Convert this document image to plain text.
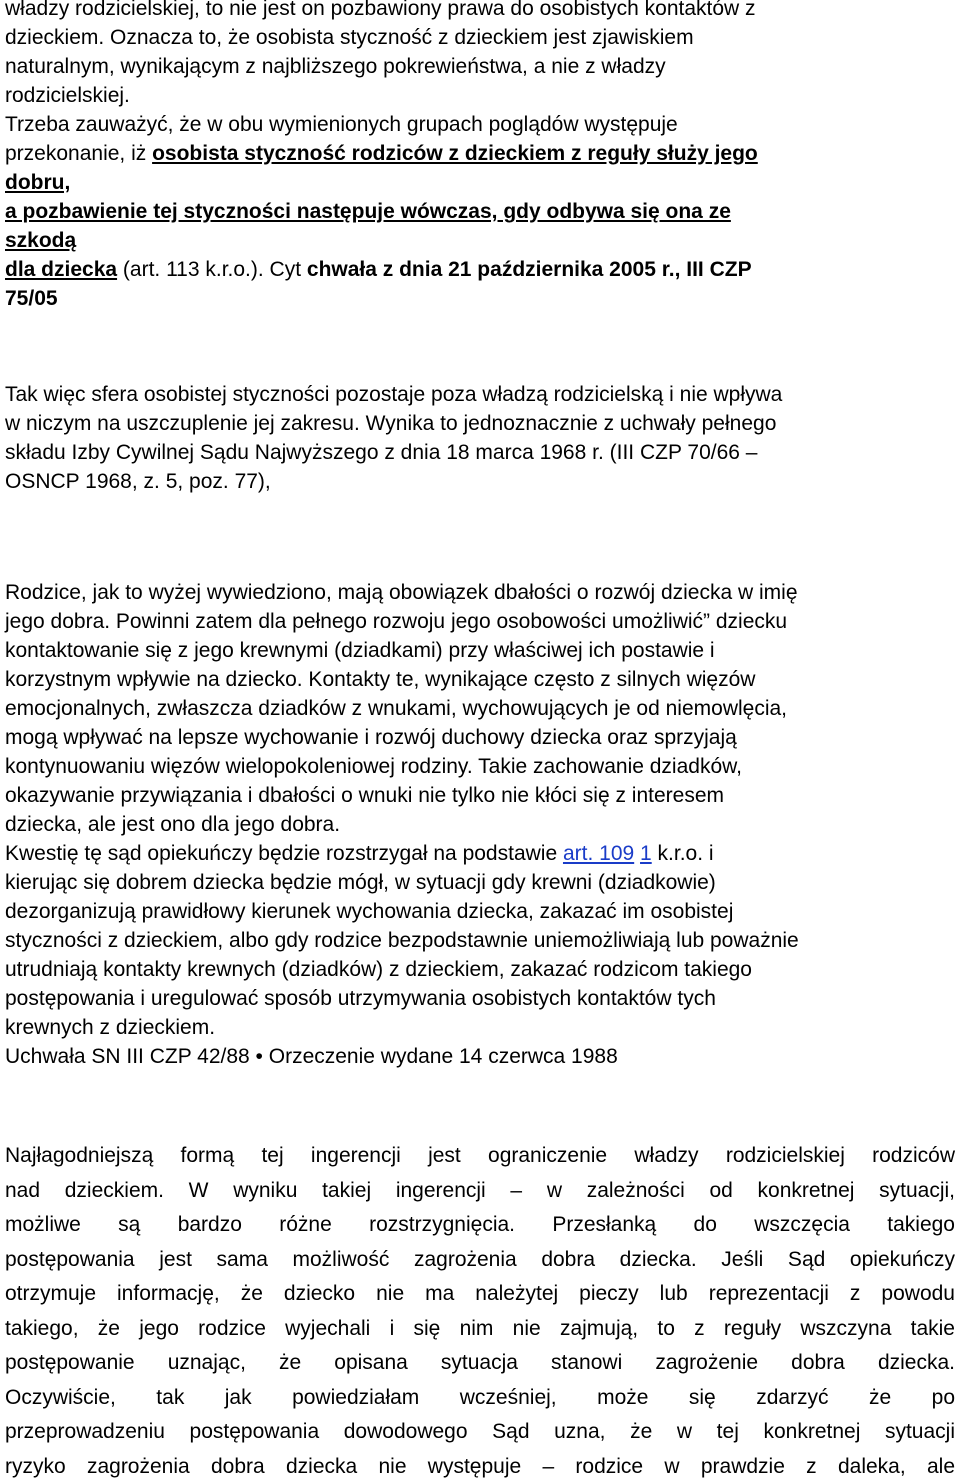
władzy rodzicielskiej, to nie jest on pozbawiony prawa do osobistych kontaktów z
dzieckiem. Oznacza to, że osobista styczność z dzieckiem jest zjawiskiem
naturalnym, wynikającym z najbliższego pokrewieństwa, a nie z władzy
rodzicielskiej.
Trzeba zauważyć, że w obu wymienionych grupach poglądów występuje
przekonanie, iż osobista styczność rodziców z dzieckiem z reguły służy jego
dobru,
a pozbawienie tej styczności następuje wówczas, gdy odbywa się ona ze
szkodą
dla dziecka (art. 113 k.r.o.). Cyt chwała z dnia 21 października 2005 r., III CZP
75/05
Tak więc sfera osobistej styczności pozostaje poza władzą rodzicielską i nie wpływa
w niczym na uszczuplenie jej zakresu. Wynika to jednoznacznie z uchwały pełnego
składu Izby Cywilnej Sądu Najwyższego z dnia 18 marca 1968 r. (III CZP 70/66 –
OSNCP 1968, z. 5, poz. 77),
Rodzice, jak to wyżej wywiedziono, mają obowiązek dbałości o rozwój dziecka w imię
jego dobra. Powinni zatem dla pełnego rozwoju jego osobowości umożliwić” dziecku
kontaktowanie się z jego krewnymi (dziadkami) przy właściwej ich postawie i
korzystnym wpływie na dziecko. Kontakty te, wynikające często z silnych więzów
emocjonalnych, zwłaszcza dziadków z wnukami, wychowujących je od niemowlęcia,
mogą wpływać na lepsze wychowanie i rozwój duchowy dziecka oraz sprzyjają
kontynuowaniu więzów wielopokoleniowej rodziny. Takie zachowanie dziadków,
okazywanie przywiązania i dbałości o wnuki nie tylko nie kłóci się z interesem
dziecka, ale jest ono dla jego dobra.
Kwestię tę sąd opiekuńczy będzie rozstrzygał na podstawie art. 109 1 k.r.o. i
kierując się dobrem dziecka będzie mógł, w sytuacji gdy krewni (dziadkowie)
dezorganizują prawidłowy kierunek wychowania dziecka, zakazać im osobistej
styczności z dzieckiem, albo gdy rodzice bezpodstawnie uniemożliwiają lub poważnie
utrudniają kontakty krewnych (dziadków) z dzieckiem, zakazać rodzicom takiego
postępowania i uregulować sposób utrzymywania osobistych kontaktów tych
krewnych z dzieckiem.
Uchwała SN III CZP 42/88 • Orzeczenie wydane 14 czerwca 1988
Najłagodniejszą formą tej ingerencji jest ograniczenie władzy rodzicielskiej rodziców
nad dzieckiem. W wyniku takiej ingerencji – w zależności od konkretnej sytuacji,
możliwe są bardzo różne rozstrzygnięcia. Przesłanką do wszczęcia takiego
postępowania jest sama możliwość zagrożenia dobra dziecka. Jeśli Sąd opiekuńczy
otrzymuje informację, że dziecko nie ma należytej pieczy lub reprezentacji z powodu
takiego, że jego rodzice wyjechali i się nim nie zajmują, to z reguły wszczyna takie
postępowanie uznając, że opisana sytuacja stanowi zagrożenie dobra dziecka.
Oczywiście, tak jak powiedziałam wcześniej, może się zdarzyć że po
przeprowadzeniu postępowania dowodowego Sąd uzna, że w tej konkretnej sytuacji
ryzyko zagrożenia dobra dziecka nie występuje – rodzice w prawdzie z daleka, ale
